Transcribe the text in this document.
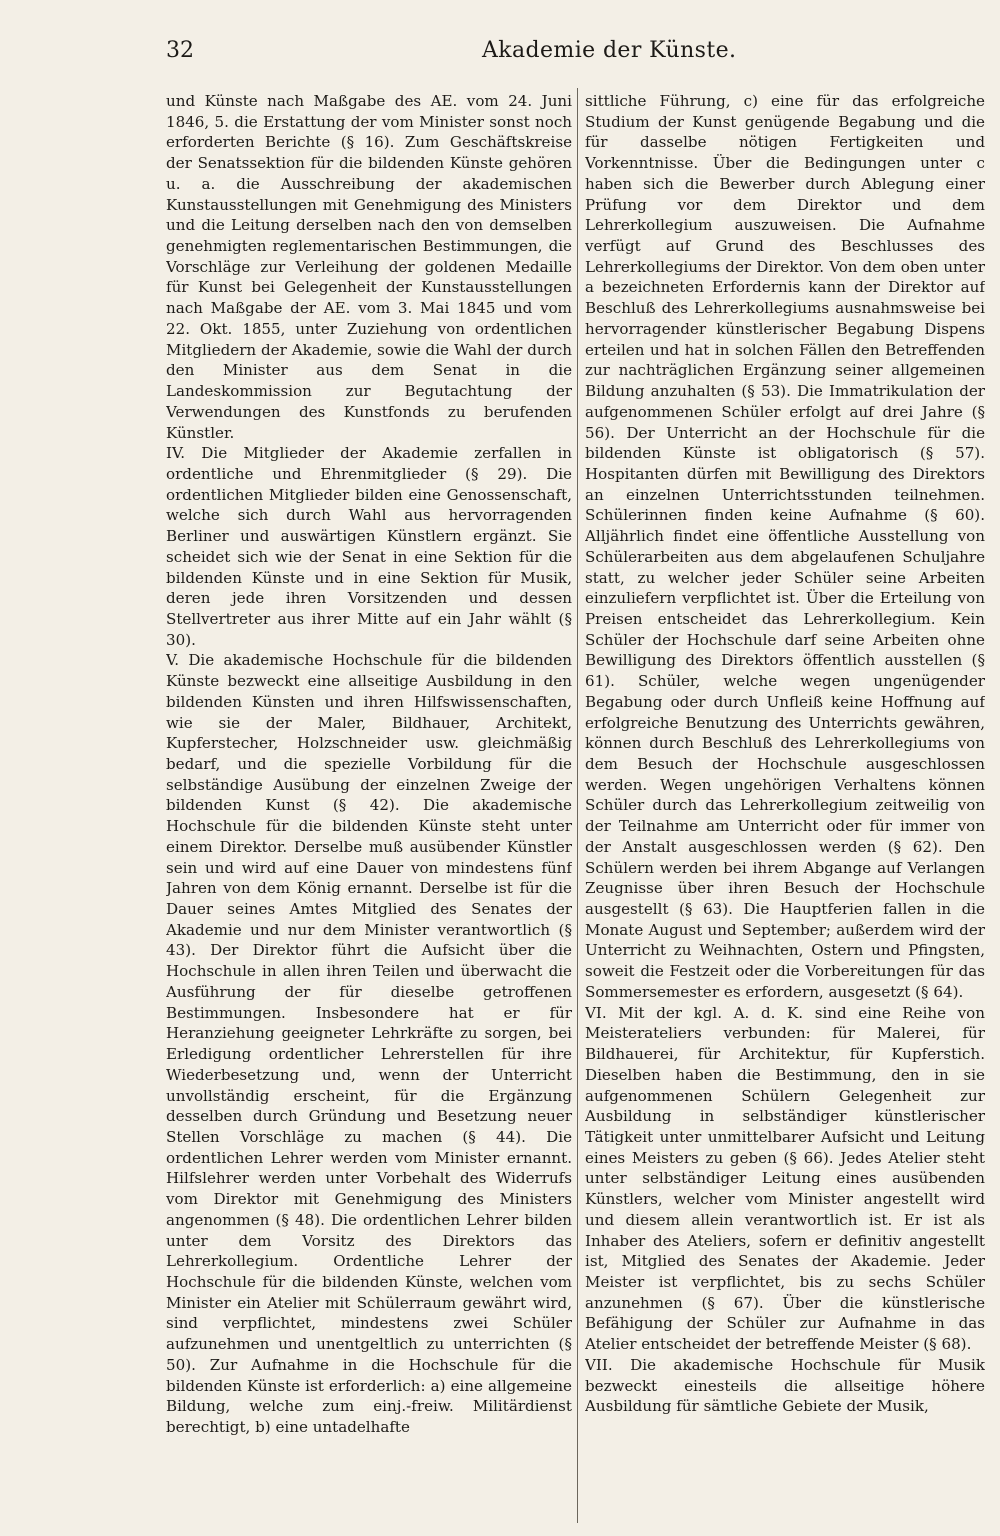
32	Akademie der Künste.

und Künste nach Maßgabe des AE. vom 24. Juni 1846, 5. die Erstattung der vom Minister sonst noch erforderten Berichte (§ 16). Zum Geschäftskreise der Senatssektion für die bildenden Künste gehören u. a. die Ausschreibung der akademischen Kunstausstellungen mit Genehmigung des Ministers und die Leitung derselben nach den von demselben genehmigten reglementarischen Bestimmungen, die Vorschläge zur Verleihung der goldenen Medaille für Kunst bei Gelegenheit der Kunstausstellungen nach Maßgabe der AE. vom 3. Mai 1845 und vom 22. Okt. 1855, unter Zuziehung von ordentlichen Mitgliedern der Akademie, sowie die Wahl der durch den Minister aus dem Senat in die Landeskommission zur Begutachtung der Verwendungen des Kunstfonds zu berufenden Künstler.

IV. Die Mitglieder der Akademie zerfallen in ordentliche und Ehrenmitglieder (§ 29). Die ordentlichen Mitglieder bilden eine Genossenschaft, welche sich durch Wahl aus hervorragenden Berliner und auswärtigen Künstlern ergänzt. Sie scheidet sich wie der Senat in eine Sektion für die bildenden Künste und in eine Sektion für Musik, deren jede ihren Vorsitzenden und dessen Stellvertreter aus ihrer Mitte auf ein Jahr wählt (§ 30).

V. Die akademische Hochschule für die bildenden Künste bezweckt eine allseitige Ausbildung in den bildenden Künsten und ihren Hilfswissenschaften, wie sie der Maler, Bildhauer, Architekt, Kupferstecher, Holzschneider usw. gleichmäßig bedarf, und die spezielle Vorbildung für die selbständige Ausübung der einzelnen Zweige der bildenden Kunst (§ 42). Die akademische Hochschule für die bildenden Künste steht unter einem Direktor. Derselbe muß ausübender Künstler sein und wird auf eine Dauer von mindestens fünf Jahren von dem König ernannt. Derselbe ist für die Dauer seines Amtes Mitglied des Senates der Akademie und nur dem Minister verantwortlich (§ 43). Der Direktor führt die Aufsicht über die Hochschule in allen ihren Teilen und überwacht die Ausführung der für dieselbe getroffenen Bestimmungen. Insbesondere hat er für Heranziehung geeigneter Lehrkräfte zu sorgen, bei Erledigung ordentlicher Lehrerstellen für ihre Wiederbesetzung und, wenn der Unterricht unvollständig erscheint, für die Ergänzung desselben durch Gründung und Besetzung neuer Stellen Vorschläge zu machen (§ 44). Die ordentlichen Lehrer werden vom Minister ernannt. Hilfslehrer werden unter Vorbehalt des Widerrufs vom Direktor mit Genehmigung des Ministers angenommen (§ 48). Die ordentlichen Lehrer bilden unter dem Vorsitz des Direktors das Lehrerkollegium. Ordentliche Lehrer der Hochschule für die bildenden Künste, welchen vom Minister ein Atelier mit Schülerraum gewährt wird, sind verpflichtet, mindestens zwei Schüler aufzunehmen und unentgeltlich zu unterrichten (§ 50). Zur Aufnahme in die Hochschule für die bildenden Künste ist erforderlich: a) eine allgemeine Bildung, welche zum einj.-freiw. Militärdienst berechtigt, b) eine untadelhafte

sittliche Führung, c) eine für das erfolgreiche Studium der Kunst genügende Begabung und die für dasselbe nötigen Fertigkeiten und Vorkenntnisse. Über die Bedingungen unter c haben sich die Bewerber durch Ablegung einer Prüfung vor dem Direktor und dem Lehrerkollegium auszuweisen. Die Aufnahme verfügt auf Grund des Beschlusses des Lehrerkollegiums der Direktor. Von dem oben unter a bezeichneten Erfordernis kann der Direktor auf Beschluß des Lehrerkollegiums ausnahmsweise bei hervorragender künstlerischer Begabung Dispens erteilen und hat in solchen Fällen den Betreffenden zur nachträglichen Ergänzung seiner allgemeinen Bildung anzuhalten (§ 53). Die Immatrikulation der aufgenommenen Schüler erfolgt auf drei Jahre (§ 56). Der Unterricht an der Hochschule für die bildenden Künste ist obligatorisch (§ 57). Hospitanten dürfen mit Bewilligung des Direktors an einzelnen Unterrichtsstunden teilnehmen. Schülerinnen finden keine Aufnahme (§ 60). Alljährlich findet eine öffentliche Ausstellung von Schülerarbeiten aus dem abgelaufenen Schuljahre statt, zu welcher jeder Schüler seine Arbeiten einzuliefern verpflichtet ist. Über die Erteilung von Preisen entscheidet das Lehrerkollegium. Kein Schüler der Hochschule darf seine Arbeiten ohne Bewilligung des Direktors öffentlich ausstellen (§ 61). Schüler, welche wegen ungenügender Begabung oder durch Unfleiß keine Hoffnung auf erfolgreiche Benutzung des Unterrichts gewähren, können durch Beschluß des Lehrerkollegiums von dem Besuch der Hochschule ausgeschlossen werden. Wegen ungehörigen Verhaltens können Schüler durch das Lehrerkollegium zeitweilig von der Teilnahme am Unterricht oder für immer von der Anstalt ausgeschlossen werden (§ 62). Den Schülern werden bei ihrem Abgange auf Verlangen Zeugnisse über ihren Besuch der Hochschule ausgestellt (§ 63). Die Hauptferien fallen in die Monate August und September; außerdem wird der Unterricht zu Weihnachten, Ostern und Pfingsten, soweit die Festzeit oder die Vorbereitungen für das Sommersemester es erfordern, ausgesetzt (§ 64).

VI. Mit der kgl. A. d. K. sind eine Reihe von Meisterateliers verbunden: für Malerei, für Bildhauerei, für Architektur, für Kupferstich. Dieselben haben die Bestimmung, den in sie aufgenommenen Schülern Gelegenheit zur Ausbildung in selbständiger künstlerischer Tätigkeit unter unmittelbarer Aufsicht und Leitung eines Meisters zu geben (§ 66). Jedes Atelier steht unter selbständiger Leitung eines ausübenden Künstlers, welcher vom Minister angestellt wird und diesem allein verantwortlich ist. Er ist als Inhaber des Ateliers, sofern er definitiv angestellt ist, Mitglied des Senates der Akademie. Jeder Meister ist verpflichtet, bis zu sechs Schüler anzunehmen (§ 67). Über die künstlerische Befähigung der Schüler zur Aufnahme in das Atelier entscheidet der betreffende Meister (§ 68).

VII. Die akademische Hochschule für Musik bezweckt einesteils die allseitige höhere Ausbildung für sämtliche Gebiete der Musik,
